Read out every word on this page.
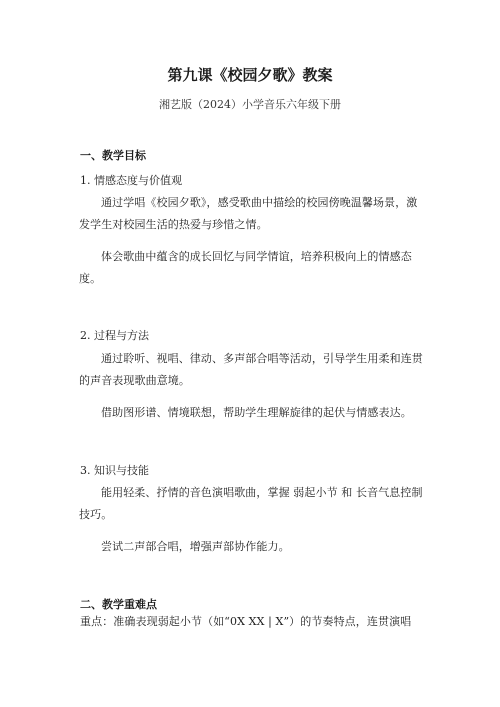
第九课《校园夕歌》教案
湘艺版（2024）小学音乐六年级下册
一、教学目标
1. 情感态度与价值观
通过学唱《校园夕歌》，感受歌曲中描绘的校园傍晚温馨场景，激发学生对校园生活的热爱与珍惜之情。
体会歌曲中蕴含的成长回忆与同学情谊，培养积极向上的情感态度。
2. 过程与方法
通过聆听、视唱、律动、多声部合唱等活动，引导学生用柔和连贯的声音表现歌曲意境。
借助图形谱、情境联想，帮助学生理解旋律的起伏与情感表达。
3. 知识与技能
能用轻柔、抒情的音色演唱歌曲，掌握 弱起小节 和 长音气息控制 技巧。
尝试二声部合唱，增强声部协作能力。
二、教学重难点
重点：准确表现弱起小节（如“0X XX | X”）的节奏特点，连贯演唱
